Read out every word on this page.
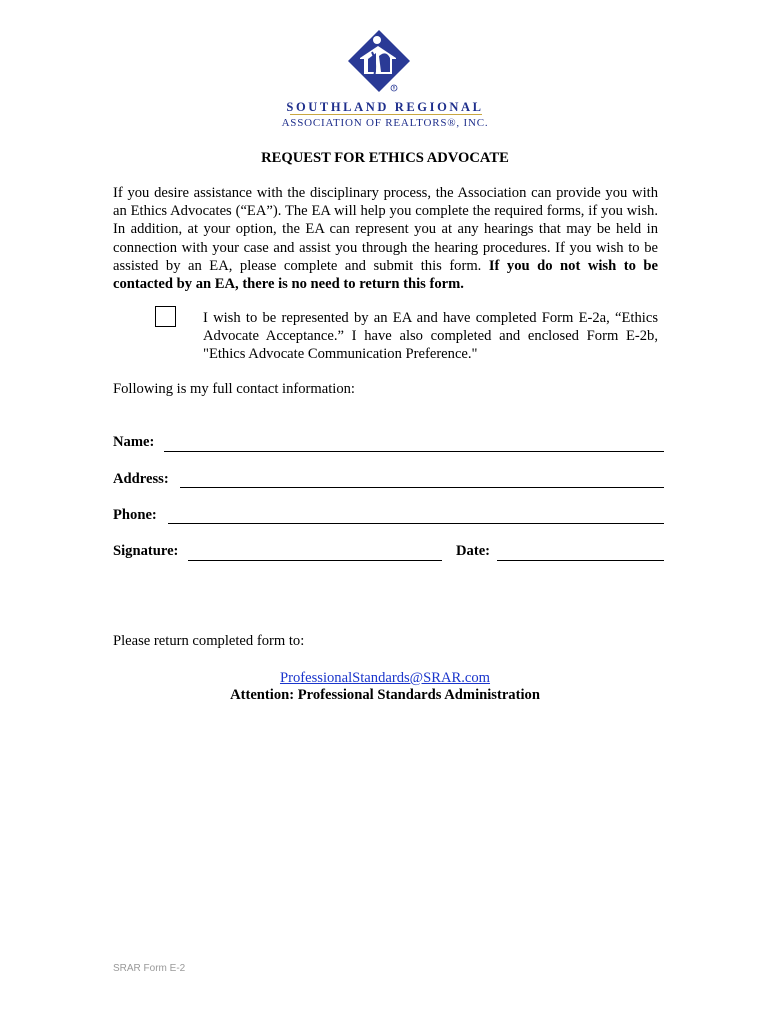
R
SOUTHLAND REGIONAL
ASSOCIATION OF REALTORS®, INC.
REQUEST FOR ETHICS ADVOCATE
If you desire assistance with the disciplinary process, the Association can provide you with an Ethics Advocates (“EA”). The EA will help you complete the required forms, if you wish. In addition, at your option, the EA can represent you at any hearings that may be held in connection with your case and assist you through the hearing procedures. If you wish to be assisted by an EA, please complete and submit this form. If you do not wish to be contacted by an EA, there is no need to return this form.
I wish to be represented by an EA and have completed Form E-2a, “Ethics Advocate Acceptance.” I have also completed and enclosed Form E-2b, "Ethics Advocate Communication Preference."
Following is my full contact information:
Name:
Address:
Phone:
Signature:	Date:
Please return completed form to:
ProfessionalStandards@SRAR.com
Attention: Professional Standards Administration
SRAR Form E-2
